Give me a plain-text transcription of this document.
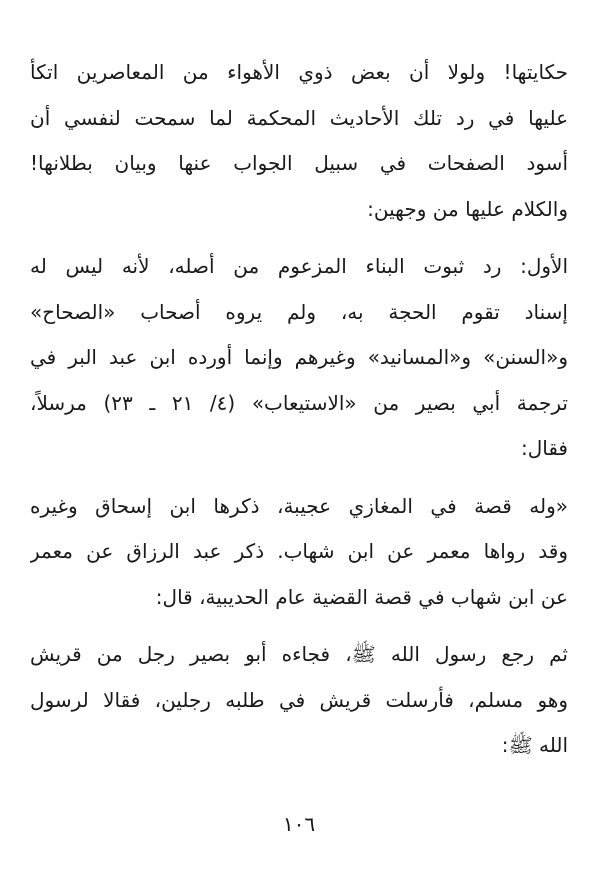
حكايتها! ولولا أن بعض ذوي الأهواء من المعاصرين اتكأ
عليها في رد تلك الأحاديث المحكمة لما سمحت لنفسي أن
أسود الصفحات في سبيل الجواب عنها وبيان بطلانها!
والكلام عليها من وجهين:

الأول: رد ثبوت البناء المزعوم من أصله، لأنه ليس له
إسناد تقوم الحجة به، ولم يروه أصحاب «الصحاح»
و«السنن» و«المسانيد» وغيرهم وإنما أورده ابن عبد البر في
ترجمة أبي بصير من «الاستيعاب» (٤/ ٢١ ـ ٢٣) مرسلاً،
فقال:

«وله قصة في المغازي عجيبة، ذكرها ابن إسحاق وغيره
وقد رواها معمر عن ابن شهاب. ذكر عبد الرزاق عن معمر
عن ابن شهاب في قصة القضية عام الحديبية، قال:

ثم رجع رسول الله ﷺ، فجاءه أبو بصير رجل من قريش
وهو مسلم، فأرسلت قريش في طلبه رجلين، فقالا لرسول
الله ﷺ:

١٠٦
